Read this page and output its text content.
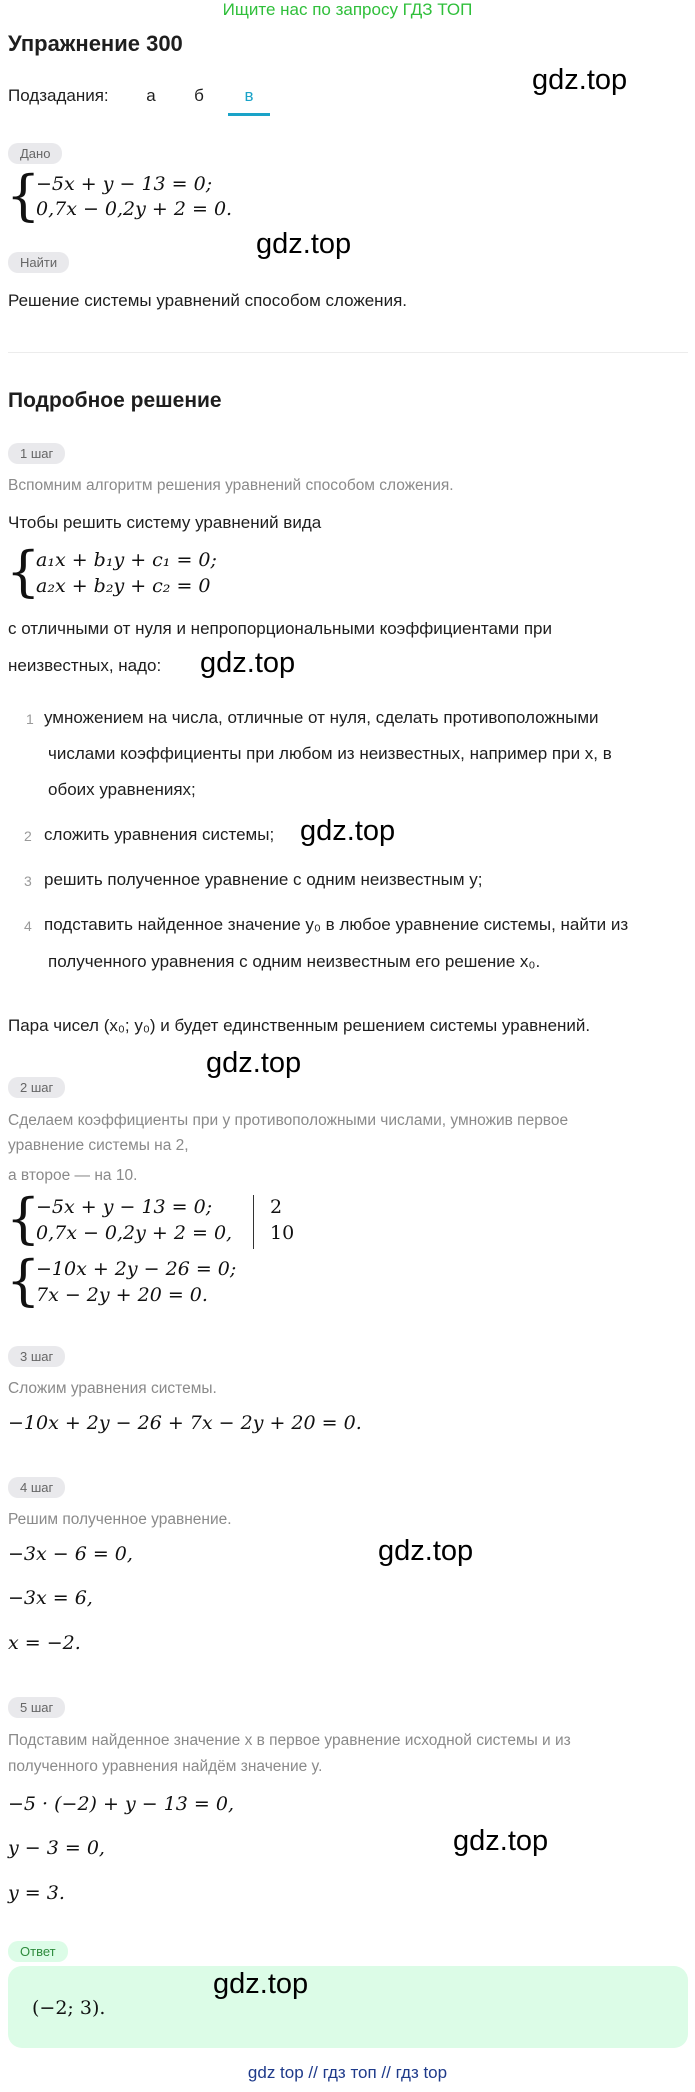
Ищите нас по запросу ГДЗ ТОП
Упражнение 300
Подзадания:	а	б	в	gdz.top
Дано
{
−5x + y − 13 = 0;
0,7x − 0,2y + 2 = 0.
gdz.top
Найти
Решение системы уравнений способом сложения.
Подробное решение
1 шаг
Вспомним алгоритм решения уравнений способом сложения.
Чтобы решить систему уравнений вида
{
a₁x + b₁y + c₁ = 0;
a₂x + b₂y + c₂ = 0
с отличными от нуля и непропорциональными коэффициентами при
неизвестных, надо: gdz.top
1 умножением на числа, отличные от нуля, сделать противоположными
числами коэффициенты при любом из неизвестных, например при x, в
обоих уравнениях;
2 сложить уравнения системы; gdz.top
3 решить полученное уравнение с одним неизвестным y;
4 подставить найденное значение y₀ в любое уравнение системы, найти из
полученного уравнения с одним неизвестным его решение x₀.
Пара чисел (x₀; y₀) и будет единственным решением системы уравнений.
gdz.top
2 шаг
Сделаем коэффициенты при y противоположными числами, умножив первое
уравнение системы на 2,
а второе — на 10.
{
−5x + y − 13 = 0;
0,7x − 0,2y + 2 = 0,
2
10
{
−10x + 2y − 26 = 0;
7x − 2y + 20 = 0.
3 шаг
Сложим уравнения системы.
−10x + 2y − 26 + 7x − 2y + 20 = 0.
4 шаг
Решим полученное уравнение.
−3x − 6 = 0,	gdz.top
−3x = 6,
x = −2.
5 шаг
Подставим найденное значение x в первое уравнение исходной системы и из
полученного уравнения найдём значение y.
−5 · (−2) + y − 13 = 0,
gdz.top
y − 3 = 0,
y = 3.
Ответ
(−2; 3).
gdz.top
gdz top // гдз топ // гдз top
